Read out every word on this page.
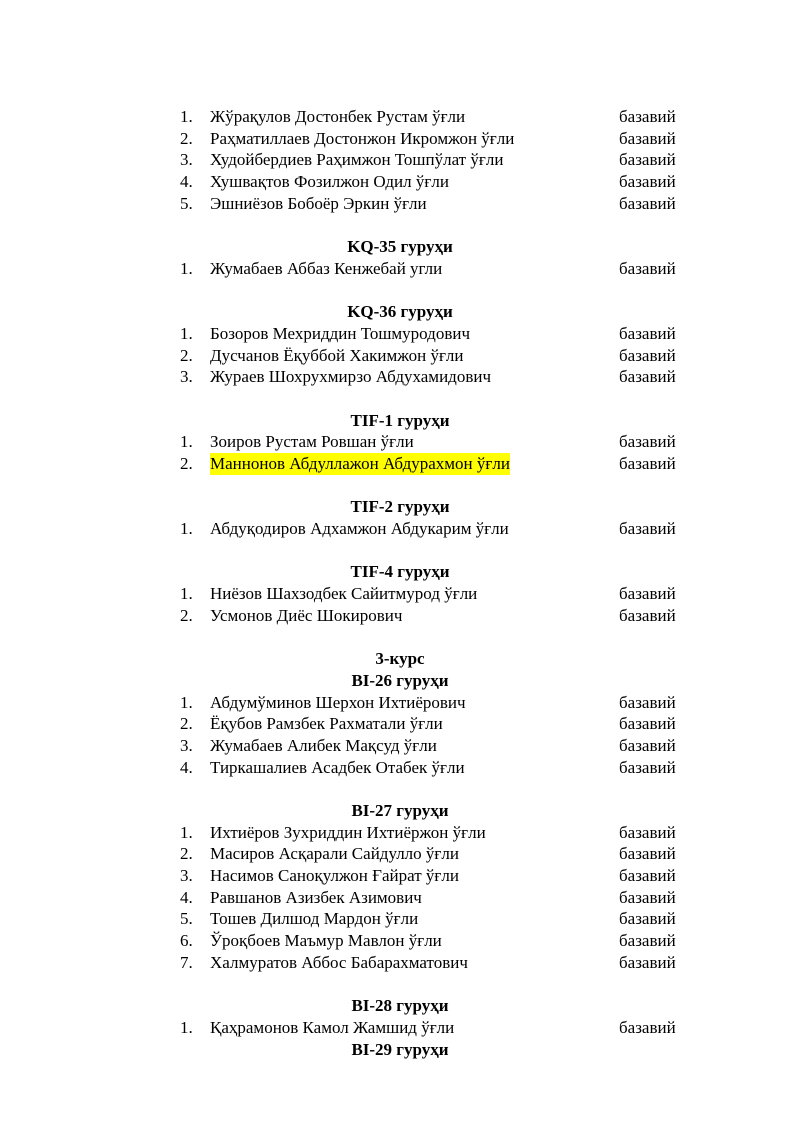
1. Жўрақулов Достонбек Рустам ўғли	базавий
2. Раҳматиллаев Достонжон Икромжон ўғли	базавий
3. Худойбердиев Раҳимжон Тошпўлат ўғли	базавий
4. Хушвақтов Фозилжон Одил ўғли	базавий
5. Эшниёзов Бобоёр Эркин ўғли	базавий
KQ-35 гуруҳи
1. Жумабаев Аббаз Кенжебай угли	базавий
KQ-36 гуруҳи
1. Бозоров Мехриддин Тошмуродович	базавий
2. Дусчанов Ёқуббой Хакимжон ўғли	базавий
3. Жураев Шохрухмирзо Абдухамидович	базавий
TIF-1 гуруҳи
1. Зоиров Рустам Ровшан ўғли	базавий
2. Маннонов Абдуллажон Абдурахмон ўғли	базавий
TIF-2 гуруҳи
1. Абдуқодиров Адхамжон Абдукарим ўғли	базавий
TIF-4 гуруҳи
1. Ниёзов Шахзодбек Сайитмурод ўғли	базавий
2. Усмонов Диёс Шокирович	базавий
3-курс
BI-26 гуруҳи
1. Абдумўминов Шерхон Ихтиёрович	базавий
2. Ёқубов Рамзбек Рахматали ўғли	базавий
3. Жумабаев Алибек Мақсуд ўғли	базавий
4. Тиркашалиев Асадбек Отабек ўғли	базавий
BI-27 гуруҳи
1. Ихтиёров Зухриддин Ихтиёржон ўғли	базавий
2. Масиров Асқарали Сайдулло ўғли	базавий
3. Насимов Саноқулжон Ғайрат ўғли	базавий
4. Равшанов Азизбек Азимович	базавий
5. Тошев Дилшод Мардон ўғли	базавий
6. Ўроқбоев Маъмур Мавлон ўғли	базавий
7. Халмуратов Аббос Бабарахматович	базавий
BI-28 гуруҳи
1. Қаҳрамонов Камол Жамшид ўғли	базавий
BI-29 гуруҳи
